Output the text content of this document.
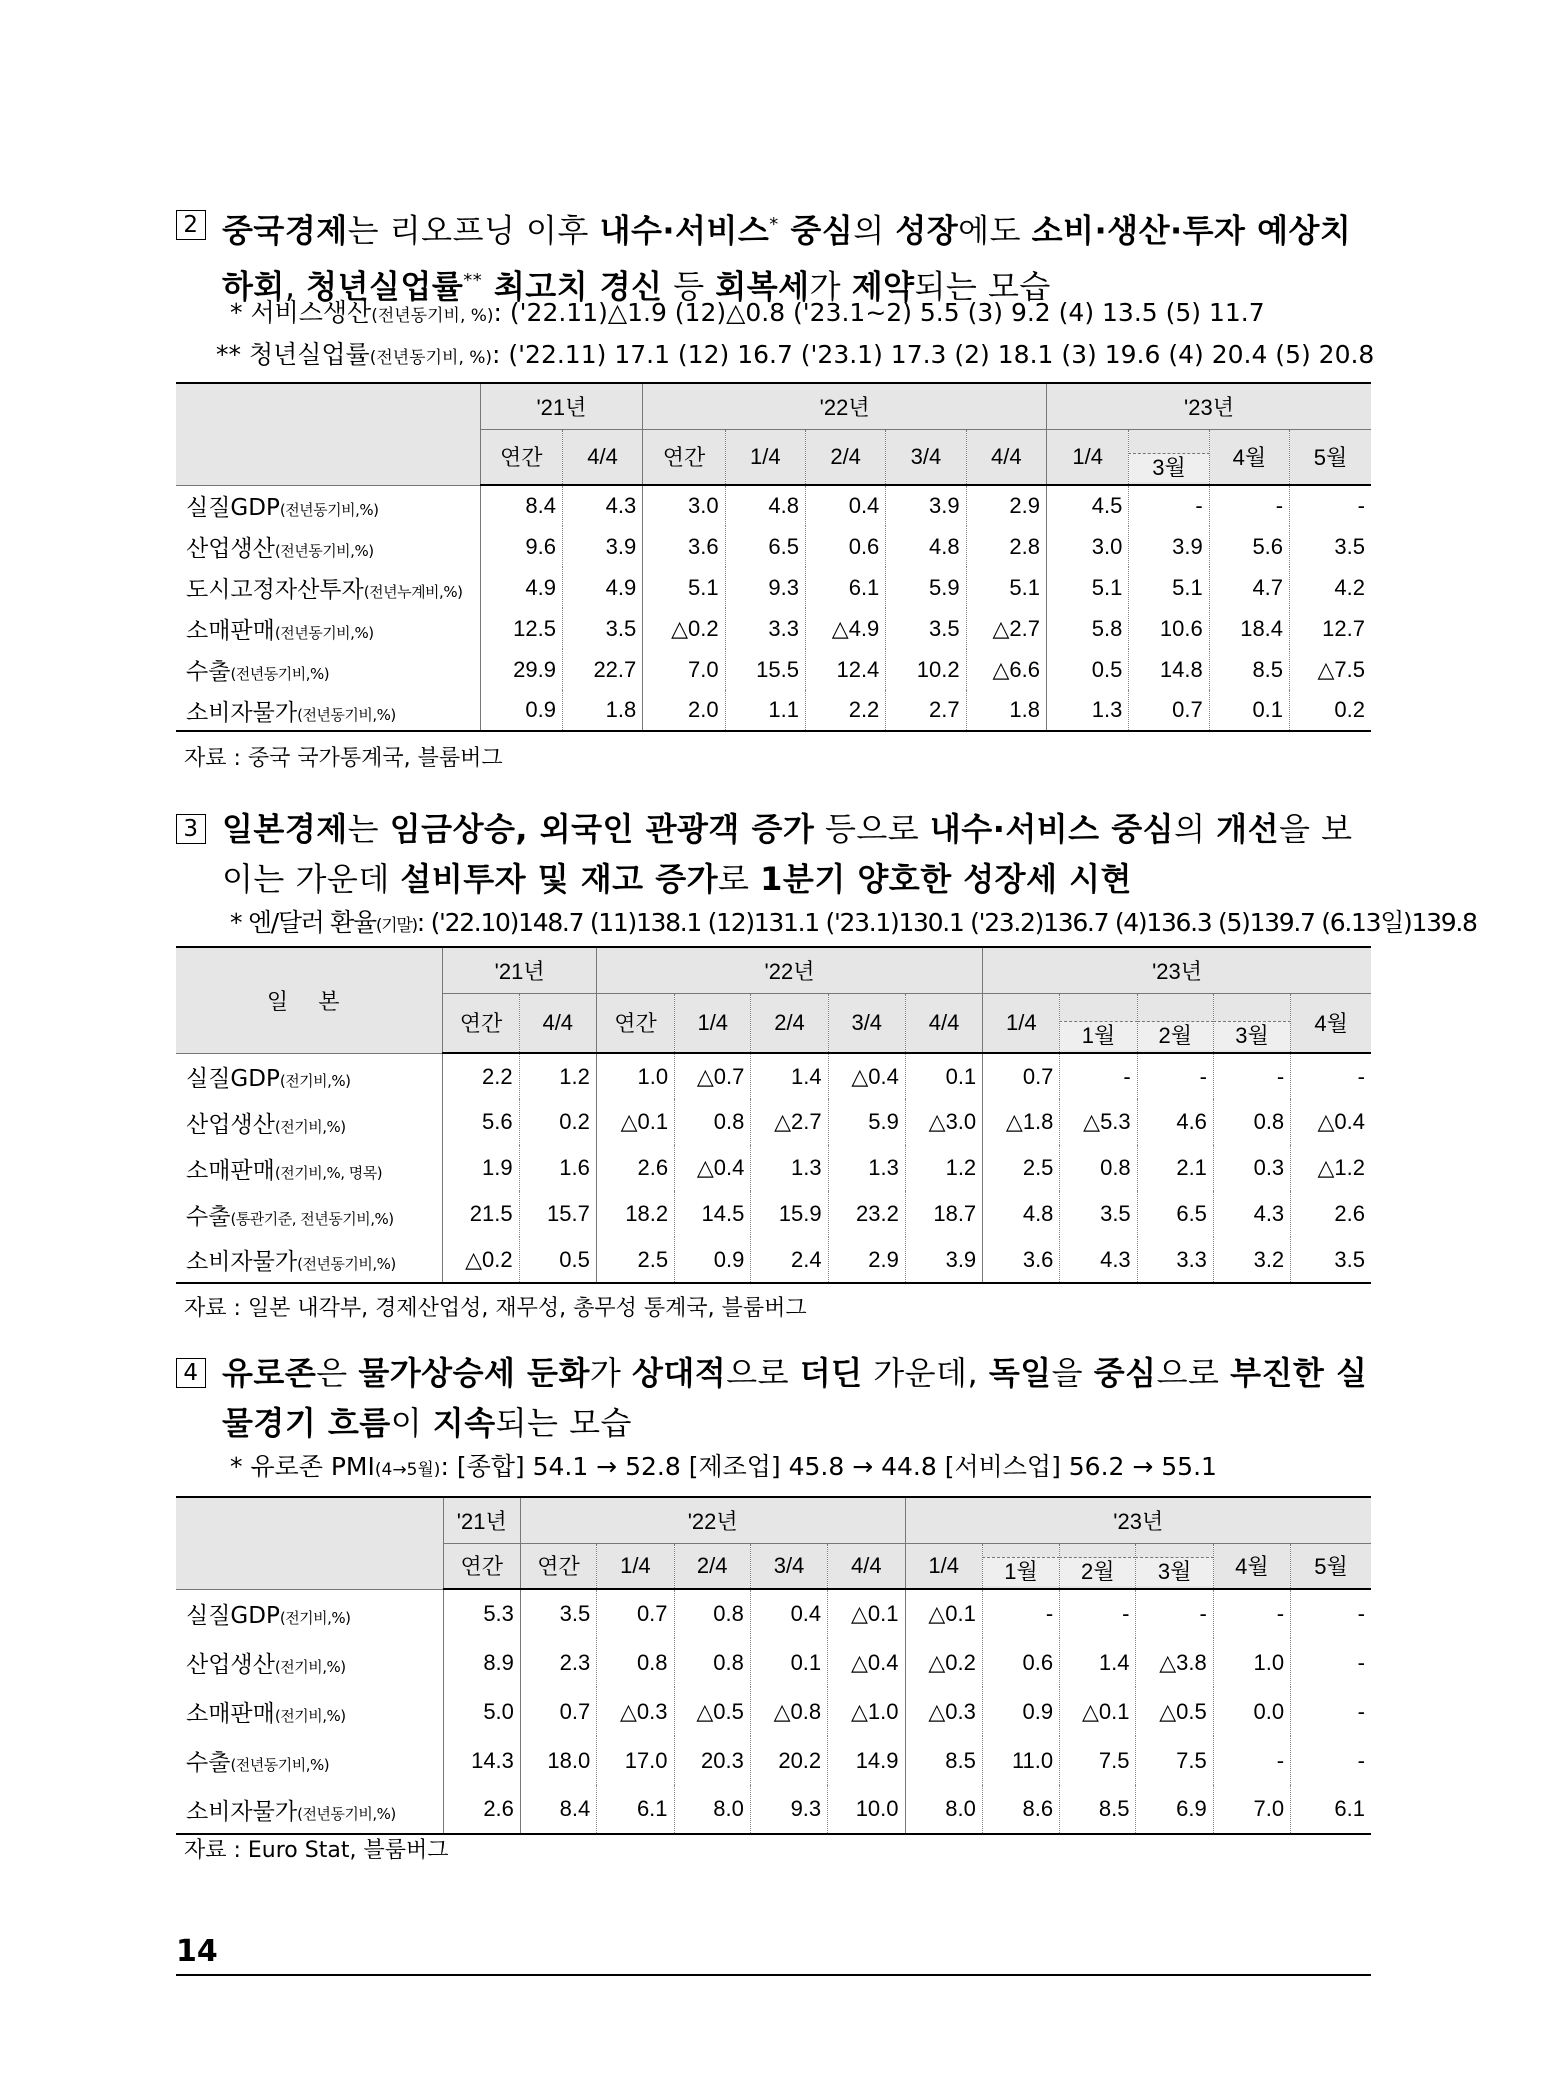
2 중국경제는 리오프닝 이후 내수·서비스* 중심의 성장에도 소비·생산·투자 예상치 하회, 청년실업률** 최고치 경신 등 회복세가 제약되는 모습
* 서비스생산(전년동기비, %): ('22.11)△1.9 (12)△0.8 ('23.1~2) 5.5 (3) 9.2 (4) 13.5 (5) 11.7
** 청년실업률(전년동기비, %): ('22.11) 17.1 (12) 16.7 ('23.1) 17.3 (2) 18.1 (3) 19.6 (4) 20.4 (5) 20.8
	'21년		'22년					'23년			
	연간	4/4	연간	1/4	2/4	3/4	4/4	1/4	3월	4월	5월
실질GDP(전년동기비,%)	8.4	4.3	3.0	4.8	0.4	3.9	2.9	4.5	-	-	-
산업생산(전년동기비,%)	9.6	3.9	3.6	6.5	0.6	4.8	2.8	3.0	3.9	5.6	3.5
도시고정자산투자(전년누계비,%)	4.9	4.9	5.1	9.3	6.1	5.9	5.1	5.1	5.1	4.7	4.2
소매판매(전년동기비,%)	12.5	3.5	△0.2	3.3	△4.9	3.5	△2.7	5.8	10.6	18.4	12.7
수출(전년동기비,%)	29.9	22.7	7.0	15.5	12.4	10.2	△6.6	0.5	14.8	8.5	△7.5
소비자물가(전년동기비,%)	0.9	1.8	2.0	1.1	2.2	2.7	1.8	1.3	0.7	0.1	0.2
자료 : 중국 국가통계국, 블룸버그
3 일본경제는 임금상승, 외국인 관광객 증가 등으로 내수·서비스 중심의 개선을 보이는 가운데 설비투자 및 재고 증가로 1분기 양호한 성장세 시현
* 엔/달러 환율(기말): ('22.10)148.7 (11)138.1 (12)131.1 ('23.1)130.1 ('23.2)136.7 (4)136.3 (5)139.7 (6.13일)139.8
일 본	'21년		'22년					'23년				
	연간	4/4	연간	1/4	2/4	3/4	4/4	1/4	1월	2월	3월	4월
실질GDP(전기비,%)	2.2	1.2	1.0	△0.7	1.4	△0.4	0.1	0.7	-	-	-	-
산업생산(전기비,%)	5.6	0.2	△0.1	0.8	△2.7	5.9	△3.0	△1.8	△5.3	4.6	0.8	△0.4
소매판매(전기비,%, 명목)	1.9	1.6	2.6	△0.4	1.3	1.3	1.2	2.5	0.8	2.1	0.3	△1.2
수출(통관기준, 전년동기비,%)	21.5	15.7	18.2	14.5	15.9	23.2	18.7	4.8	3.5	6.5	4.3	2.6
소비자물가(전년동기비,%)	△0.2	0.5	2.5	0.9	2.4	2.9	3.9	3.6	4.3	3.3	3.2	3.5
자료 : 일본 내각부, 경제산업성, 재무성, 총무성 통계국, 블룸버그
4 유로존은 물가상승세 둔화가 상대적으로 더딘 가운데, 독일을 중심으로 부진한 실물경기 흐름이 지속되는 모습
* 유로존 PMI(4→5월): [종합] 54.1 → 52.8 [제조업] 45.8 → 44.8 [서비스업] 56.2 → 55.1
	'21년	'22년					'23년					
	연간	연간	1/4	2/4	3/4	4/4	1/4	1월	2월	3월	4월	5월
실질GDP(전기비,%)	5.3	3.5	0.7	0.8	0.4	△0.1	△0.1	-	-	-	-	-
산업생산(전기비,%)	8.9	2.3	0.8	0.8	0.1	△0.4	△0.2	0.6	1.4	△3.8	1.0	-
소매판매(전기비,%)	5.0	0.7	△0.3	△0.5	△0.8	△1.0	△0.3	0.9	△0.1	△0.5	0.0	-
수출(전년동기비,%)	14.3	18.0	17.0	20.3	20.2	14.9	8.5	11.0	7.5	7.5	-	-
소비자물가(전년동기비,%)	2.6	8.4	6.1	8.0	9.3	10.0	8.0	8.6	8.5	6.9	7.0	6.1
자료 : Euro Stat, 블룸버그
14
